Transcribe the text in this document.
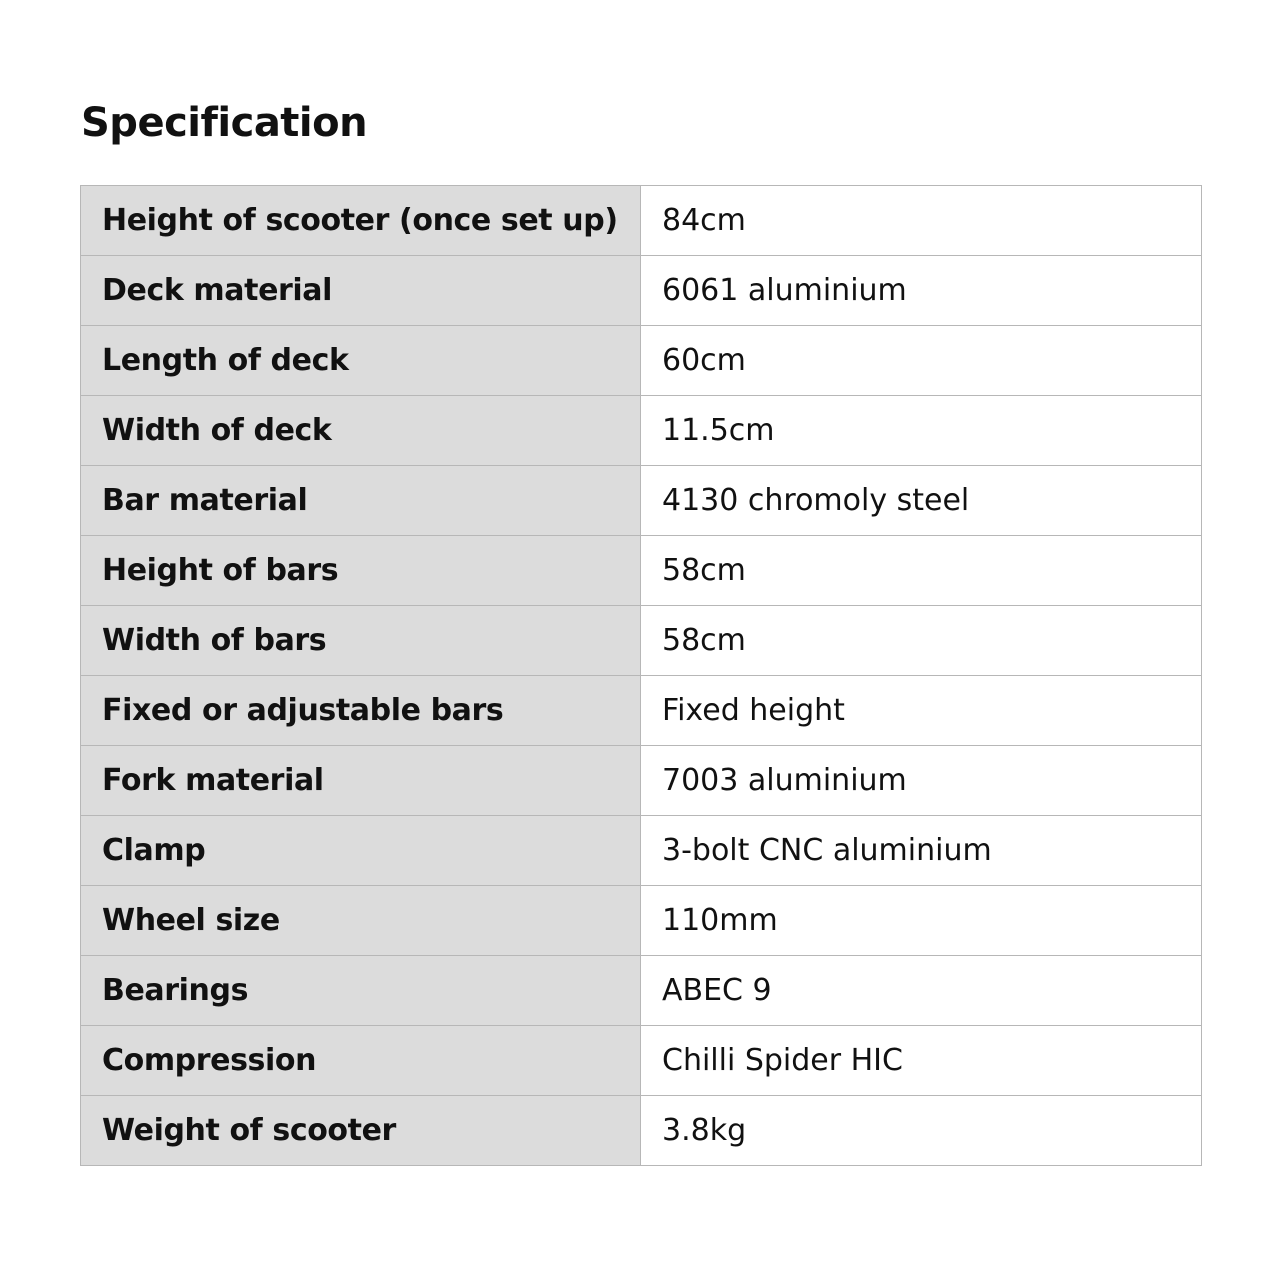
Specification
Height of scooter (once set up)	84cm
Deck material	6061 aluminium
Length of deck	60cm
Width of deck	11.5cm
Bar material	4130 chromoly steel
Height of bars	58cm
Width of bars	58cm
Fixed or adjustable bars	Fixed height
Fork material	7003 aluminium
Clamp	3-bolt CNC aluminium
Wheel size	110mm
Bearings	ABEC 9
Compression	Chilli Spider HIC
Weight of scooter	3.8kg
